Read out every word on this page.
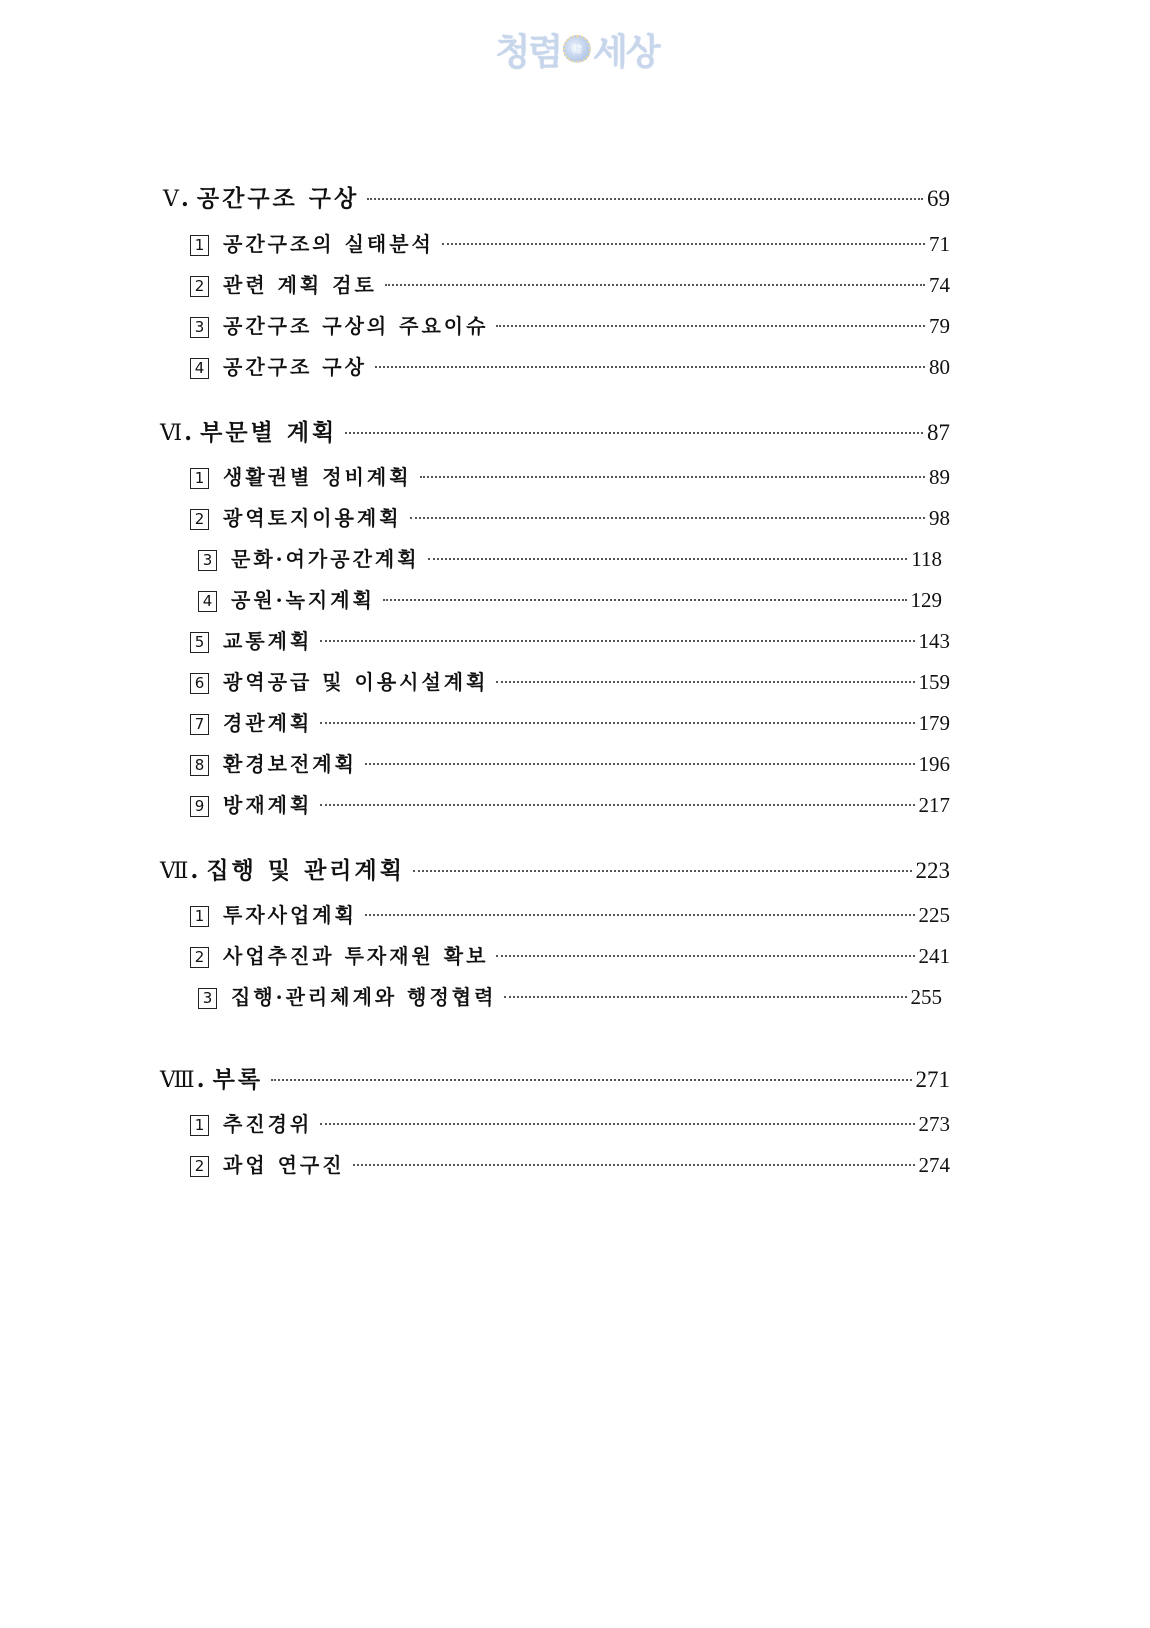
청렴 韓 세상
Ⅴ . 공간구조 구상	69
1 공간구조의 실태분석	71
2 관련 계획 검토	74
3 공간구조 구상의 주요이슈	79
4 공간구조 구상	80
Ⅵ . 부문별 계획	87
1 생활권별 정비계획	89
2 광역토지이용계획	98
3 문화·여가공간계획	118
4 공원·녹지계획	129
5 교통계획	143
6 광역공급 및 이용시설계획	159
7 경관계획	179
8 환경보전계획	196
9 방재계획	217
Ⅶ . 집행 및 관리계획	223
1 투자사업계획	225
2 사업추진과 투자재원 확보	241
3 집행·관리체계와 행정협력	255
Ⅷ . 부록	271
1 추진경위	273
2 과업 연구진	274
